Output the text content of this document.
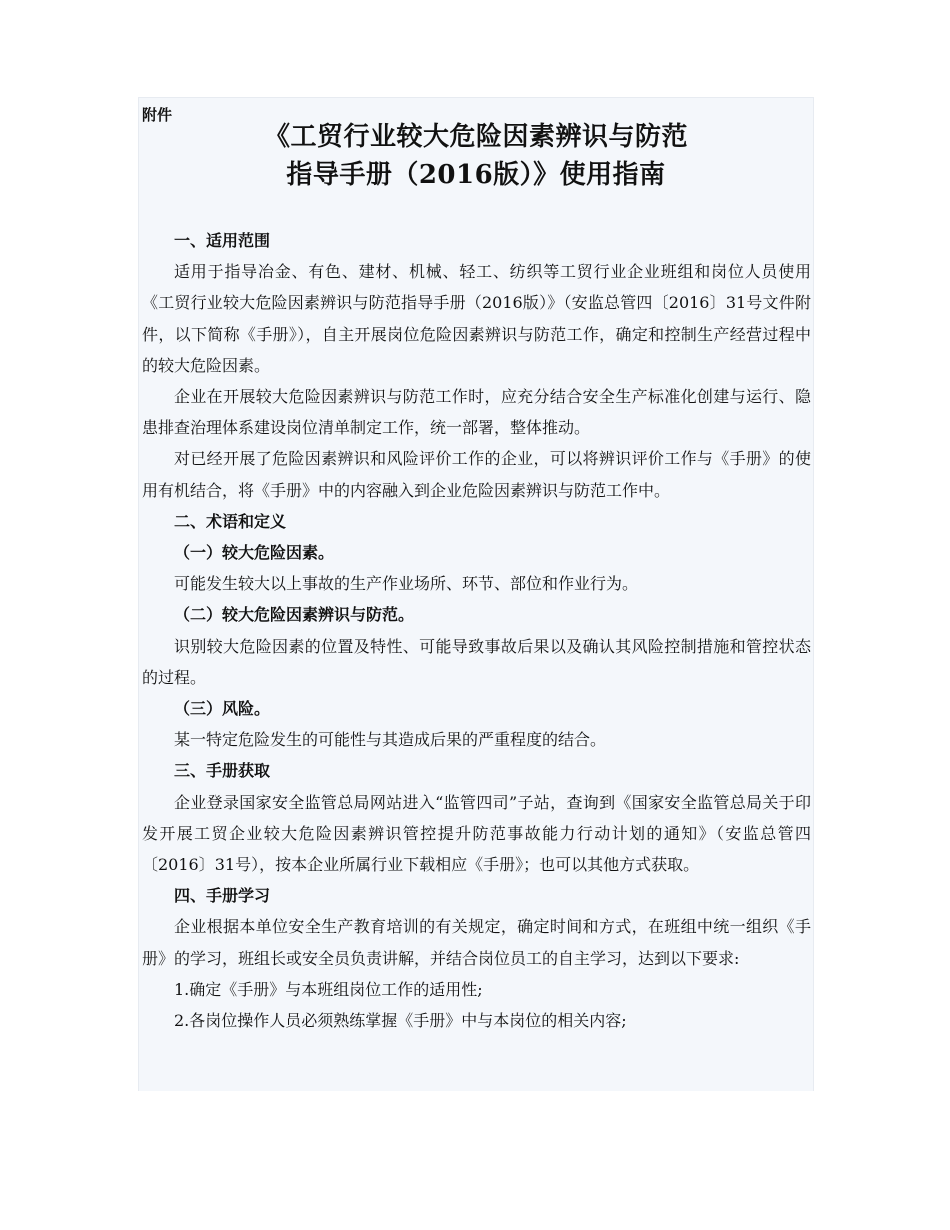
附件
《工贸行业较大危险因素辨识与防范
指导手册（2016版）》使用指南

一、适用范围

适用于指导冶金、有色、建材、机械、轻工、纺织等工贸行业企业班组和岗位人员使用《工贸行业较大危险因素辨识与防范指导手册（2016版）》（安监总管四〔2016〕31号文件附件，以下简称《手册》），自主开展岗位危险因素辨识与防范工作，确定和控制生产经营过程中的较大危险因素。

企业在开展较大危险因素辨识与防范工作时，应充分结合安全生产标准化创建与运行、隐患排查治理体系建设岗位清单制定工作，统一部署，整体推动。

对已经开展了危险因素辨识和风险评价工作的企业，可以将辨识评价工作与《手册》的使用有机结合，将《手册》中的内容融入到企业危险因素辨识与防范工作中。

二、术语和定义

（一）较大危险因素。

可能发生较大以上事故的生产作业场所、环节、部位和作业行为。

（二）较大危险因素辨识与防范。

识别较大危险因素的位置及特性、可能导致事故后果以及确认其风险控制措施和管控状态的过程。

（三）风险。

某一特定危险发生的可能性与其造成后果的严重程度的结合。

三、手册获取

企业登录国家安全监管总局网站进入“监管四司”子站，查询到《国家安全监管总局关于印发开展工贸企业较大危险因素辨识管控提升防范事故能力行动计划的通知》（安监总管四〔2016〕31号），按本企业所属行业下载相应《手册》；也可以其他方式获取。

四、手册学习

企业根据本单位安全生产教育培训的有关规定，确定时间和方式，在班组中统一组织《手册》的学习，班组长或安全员负责讲解，并结合岗位员工的自主学习，达到以下要求:

1.确定《手册》与本班组岗位工作的适用性;

2.各岗位操作人员必须熟练掌握《手册》中与本岗位的相关内容;
